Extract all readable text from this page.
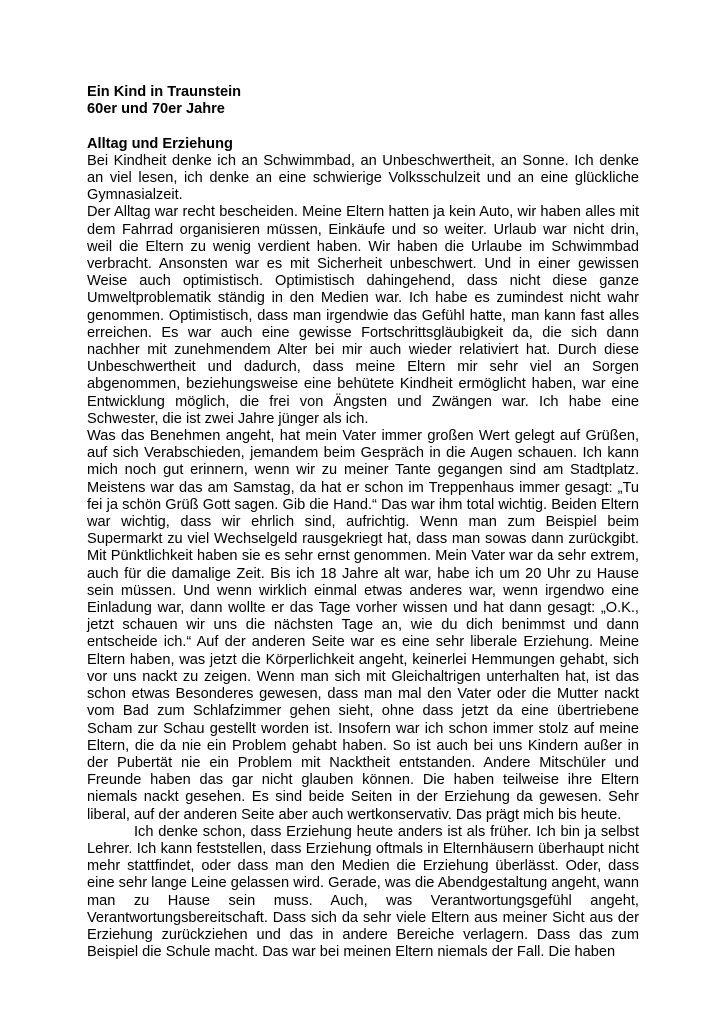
Ein Kind in Traunstein
60er und 70er Jahre
Alltag und Erziehung

Bei Kindheit denke ich an Schwimmbad, an Unbeschwertheit, an Sonne. Ich denke an viel lesen, ich denke an eine schwierige Volksschulzeit und an eine glückliche Gymnasialzeit.

Der Alltag war recht bescheiden. Meine Eltern hatten ja kein Auto, wir haben alles mit dem Fahrrad organisieren müssen, Einkäufe und so weiter. Urlaub war nicht drin, weil die Eltern zu wenig verdient haben. Wir haben die Urlaube im Schwimmbad verbracht. Ansonsten war es mit Sicherheit unbeschwert. Und in einer gewissen Weise auch optimistisch. Optimistisch dahingehend, dass nicht diese ganze Umweltproblematik ständig in den Medien war. Ich habe es zumindest nicht wahr genommen. Optimistisch, dass man irgendwie das Gefühl hatte, man kann fast alles erreichen. Es war auch eine gewisse Fortschrittsgläubigkeit da, die sich dann nachher mit zunehmendem Alter bei mir auch wieder relativiert hat. Durch diese Unbeschwertheit und dadurch, dass meine Eltern mir sehr viel an Sorgen abgenommen, beziehungsweise eine behütete Kindheit ermöglicht haben, war eine Entwicklung möglich, die frei von Ängsten und Zwängen war. Ich habe eine Schwester, die ist zwei Jahre jünger als ich.

Was das Benehmen angeht, hat mein Vater immer großen Wert gelegt auf Grüßen, auf sich Verabschieden, jemandem beim Gespräch in die Augen schauen. Ich kann mich noch gut erinnern, wenn wir zu meiner Tante gegangen sind am Stadtplatz. Meistens war das am Samstag, da hat er schon im Treppenhaus immer gesagt: „Tu fei ja schön Grüß Gott sagen. Gib die Hand.“ Das war ihm total wichtig. Beiden Eltern war wichtig, dass wir ehrlich sind, aufrichtig. Wenn man zum Beispiel beim Supermarkt zu viel Wechselgeld rausgekriegt hat, dass man sowas dann zurückgibt. Mit Pünktlichkeit haben sie es sehr ernst genommen. Mein Vater war da sehr extrem, auch für die damalige Zeit. Bis ich 18 Jahre alt war, habe ich um 20 Uhr zu Hause sein müssen. Und wenn wirklich einmal etwas anderes war, wenn irgendwo eine Einladung war, dann wollte er das Tage vorher wissen und hat dann gesagt: „O.K., jetzt schauen wir uns die nächsten Tage an, wie du dich benimmst und dann entscheide ich.“ Auf der anderen Seite war es eine sehr liberale Erziehung. Meine Eltern haben, was jetzt die Körperlichkeit angeht, keinerlei Hemmungen gehabt, sich vor uns nackt zu zeigen. Wenn man sich mit Gleichaltrigen unterhalten hat, ist das schon etwas Besonderes gewesen, dass man mal den Vater oder die Mutter nackt vom Bad zum Schlafzimmer gehen sieht, ohne dass jetzt da eine übertriebene Scham zur Schau gestellt worden ist. Insofern war ich schon immer stolz auf meine Eltern, die da nie ein Problem gehabt haben. So ist auch bei uns Kindern außer in der Pubertät nie ein Problem mit Nacktheit entstanden. Andere Mitschüler und Freunde haben das gar nicht glauben können. Die haben teilweise ihre Eltern niemals nackt gesehen. Es sind beide Seiten in der Erziehung da gewesen. Sehr liberal, auf der anderen Seite aber auch wertkonservativ. Das prägt mich bis heute.

Ich denke schon, dass Erziehung heute anders ist als früher. Ich bin ja selbst Lehrer. Ich kann feststellen, dass Erziehung oftmals in Elternhäusern überhaupt nicht mehr stattfindet, oder dass man den Medien die Erziehung überlässt. Oder, dass eine sehr lange Leine gelassen wird. Gerade, was die Abendgestaltung angeht, wann man zu Hause sein muss. Auch, was Verantwortungsgefühl angeht, Verantwortungsbereitschaft. Dass sich da sehr viele Eltern aus meiner Sicht aus der Erziehung zurückziehen und das in andere Bereiche verlagern. Dass das zum Beispiel die Schule macht. Das war bei meinen Eltern niemals der Fall. Die haben
